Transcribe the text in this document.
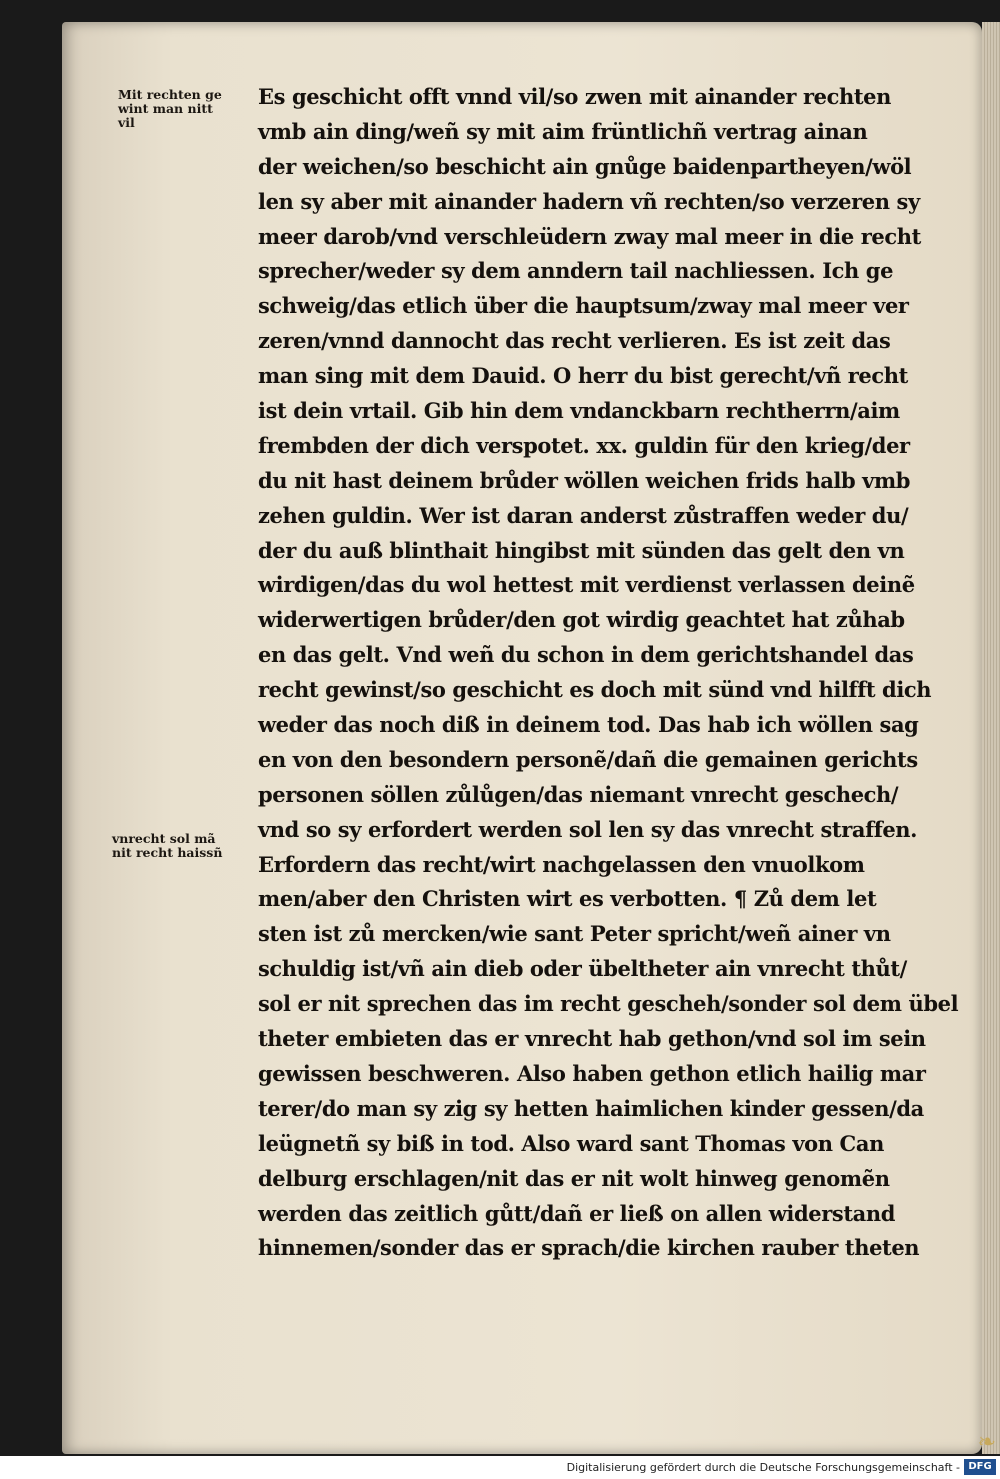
❧
Mit rechten ge
wint man nitt
vil
vnrecht sol mã
nit recht haissñ
Es geschicht offt vnnd vil/so zwen mit ainander rechten
vmb ain ding/weñ sy mit aim früntlichñ vertrag ainan
der weichen/so beschicht ain gnůge baidenpartheyen/wöl
len sy aber mit ainander hadern vñ rechten/so verzeren sy
meer darob/vnd verschleüdern zway mal meer in die recht
sprecher/weder sy dem anndern tail nachliessen. Ich ge
schweig/das etlich über die hauptsum/zway mal meer ver
zeren/vnnd dannocht das recht verlieren. Es ist zeit das
man sing mit dem Dauid. O herr du bist gerecht/vñ recht
ist dein vrtail. Gib hin dem vndanckbarn rechtherrn/aim
frembden der dich verspotet. xx. guldin für den krieg/der
du nit hast deinem brůder wöllen weichen frids halb vmb
zehen guldin. Wer ist daran anderst zůstraffen weder du/
der du auß blinthait hingibst mit sünden das gelt den vn
wirdigen/das du wol hettest mit verdienst verlassen deinẽ
widerwertigen brůder/den got wirdig geachtet hat zůhab
en das gelt. Vnd weñ du schon in dem gerichtshandel das
recht gewinst/so geschicht es doch mit sünd vnd hilfft dich
weder das noch diß in deinem tod. Das hab ich wöllen sag
en von den besondern personẽ/dañ die gemainen gerichts
personen söllen zůlůgen/das niemant vnrecht geschech/
vnd so sy erfordert werden sol len sy das vnrecht straffen.
Erfordern das recht/wirt nachgelassen den vnuolkom
men/aber den Christen wirt es verbotten. ¶ Zů dem let
sten ist zů mercken/wie sant Peter spricht/weñ ainer vn
schuldig ist/vñ ain dieb oder übeltheter ain vnrecht thůt/
sol er nit sprechen das im recht gescheh/sonder sol dem übel
theter embieten das er vnrecht hab gethon/vnd sol im sein
gewissen beschweren. Also haben gethon etlich hailig mar
terer/do man sy zig sy hetten haimlichen kinder gessen/da
leügnetñ sy biß in tod. Also ward sant Thomas von Can
delburg erschlagen/nit das er nit wolt hinweg genomẽn
werden das zeitlich gůtt/dañ er ließ on allen widerstand
hinnemen/sonder das er sprach/die kirchen rauber theten
Digitalisierung gefördert durch die Deutsche Forschungsgemeinschaft - DFG
